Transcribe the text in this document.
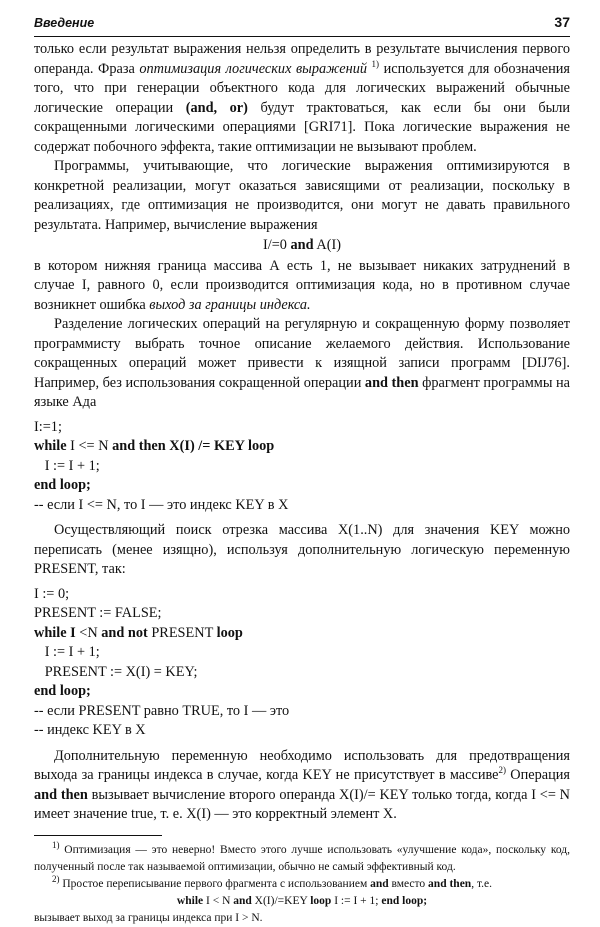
Введение	37

только если результат выражения нельзя определить в результате вычисления первого операнда. Фраза оптимизация логических выражений $^{1)}$ используется для обозначения того, что при генерации объектного кода для логических выражений обычные логические операции (and, or) будут трактоваться, как если бы они были сокращенными логическими операциями [GRI71]. Пока логические выражения не содержат побочного эффекта, такие оптимизации не вызывают проблем.

Программы, учитывающие, что логические выражения оптимизируются в конкретной реализации, могут оказаться зависящими от реализации, поскольку в реализациях, где оптимизация не производится, они могут не давать правильного результата. Например, вычисление выражения

I/=0 and A(I)

в котором нижняя граница массива А есть 1, не вызывает никаких затруднений в случае I, равного 0, если производится оптимизация кода, но в противном случае возникнет ошибка выход за границы индекса.

Разделение логических операций на регулярную и сокращенную форму позволяет программисту выбрать точное описание желаемого действия. Использование сокращенных операций может привести к изящной записи программ [DIJ76]. Например, без использования сокращенной операции and then фрагмент программы на языке Ада

I:=1;
while I <= N and then X(I) /= KEY loop
I := I + 1;
end loop;
-- если I <= N, то I — это индекс KEY в X

Осуществляющий поиск отрезка массива X(1..N) для значения KEY можно переписать (менее изящно), используя дополнительную логическую переменную PRESENT, так:

I := 0;
PRESENT := FALSE;
while I <N and not PRESENT loop
I := I + 1;
PRESENT := X(I) = KEY;
end loop;
-- если PRESENT равно TRUE, то I — это
-- индекс KEY в X

Дополнительную переменную необходимо использовать для предотвращения выхода за границы индекса в случае, когда KEY не присутствует в массиве$^{2)}$ Операция and then вызывает вычисление второго операнда X(I)/= KEY только тогда, когда I <= N имеет значение true, т. е. X(I) — это корректный элемент X.

$^{1)}$ Оптимизация — это неверно! Вместо этого лучше использовать «улучшение кода», поскольку код, полученный после так называемой оптимизации, обычно не самый эффективный код.

$^{2)}$ Простое переписывание первого фрагмента с использованием and вместо and then, т.е.

while I < N and X(I)/=KEY loop I := I + 1; end loop;

вызывает выход за границы индекса при I > N.
